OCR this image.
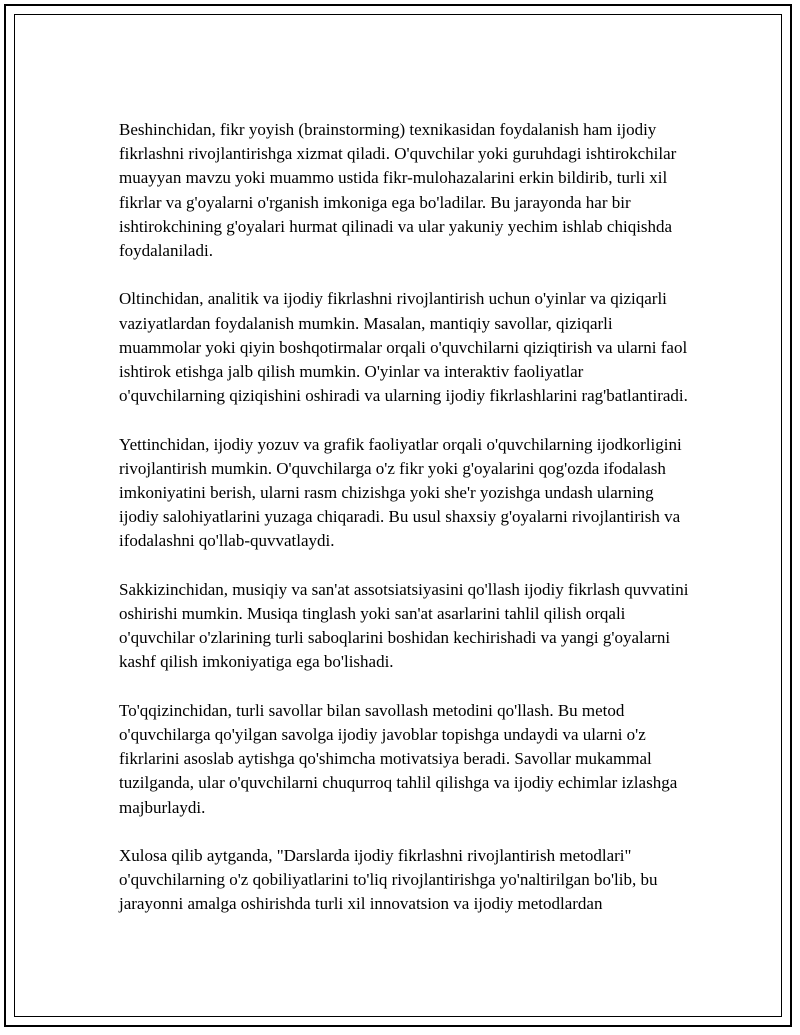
Beshinchidan, fikr yoyish (brainstorming) texnikasidan foydalanish ham ijodiy fikrlashni rivojlantirishga xizmat qiladi. O'quvchilar yoki guruhdagi ishtirokchilar muayyan mavzu yoki muammo ustida fikr-mulohazalarini erkin bildirib, turli xil fikrlar va g'oyalarni o'rganish imkoniga ega bo'ladilar. Bu jarayonda har bir ishtirokchining g'oyalari hurmat qilinadi va ular yakuniy yechim ishlab chiqishda foydalaniladi.

Oltinchidan, analitik va ijodiy fikrlashni rivojlantirish uchun o'yinlar va qiziqarli vaziyatlardan foydalanish mumkin. Masalan, mantiqiy savollar, qiziqarli muammolar yoki qiyin boshqotirmalar orqali o'quvchilarni qiziqtirish va ularni faol ishtirok etishga jalb qilish mumkin. O'yinlar va interaktiv faoliyatlar o'quvchilarning qiziqishini oshiradi va ularning ijodiy fikrlashlarini rag'batlantiradi.

Yettinchidan, ijodiy yozuv va grafik faoliyatlar orqali o'quvchilarning ijodkorligini rivojlantirish mumkin. O'quvchilarga o'z fikr yoki g'oyalarini qog'ozda ifodalash imkoniyatini berish, ularni rasm chizishga yoki she'r yozishga undash ularning ijodiy salohiyatlarini yuzaga chiqaradi. Bu usul shaxsiy g'oyalarni rivojlantirish va ifodalashni qo'llab-quvvatlaydi.

Sakkizinchidan, musiqiy va san'at assotsiatsiyasini qo'llash ijodiy fikrlash quvvatini oshirishi mumkin. Musiqa tinglash yoki san'at asarlarini tahlil qilish orqali o'quvchilar o'zlarining turli saboqlarini boshidan kechirishadi va yangi g'oyalarni kashf qilish imkoniyatiga ega bo'lishadi.

To'qqizinchidan, turli savollar bilan savollash metodini qo'llash. Bu metod o'quvchilarga qo'yilgan savolga ijodiy javoblar topishga undaydi va ularni o'z fikrlarini asoslab aytishga qo'shimcha motivatsiya beradi. Savollar mukammal tuzilganda, ular o'quvchilarni chuqurroq tahlil qilishga va ijodiy echimlar izlashga majburlaydi.

Xulosa qilib aytganda, "Darslarda ijodiy fikrlashni rivojlantirish metodlari" o'quvchilarning o'z qobiliyatlarini to'liq rivojlantirishga yo'naltirilgan bo'lib, bu jarayonni amalga oshirishda turli xil innovatsion va ijodiy metodlardan
